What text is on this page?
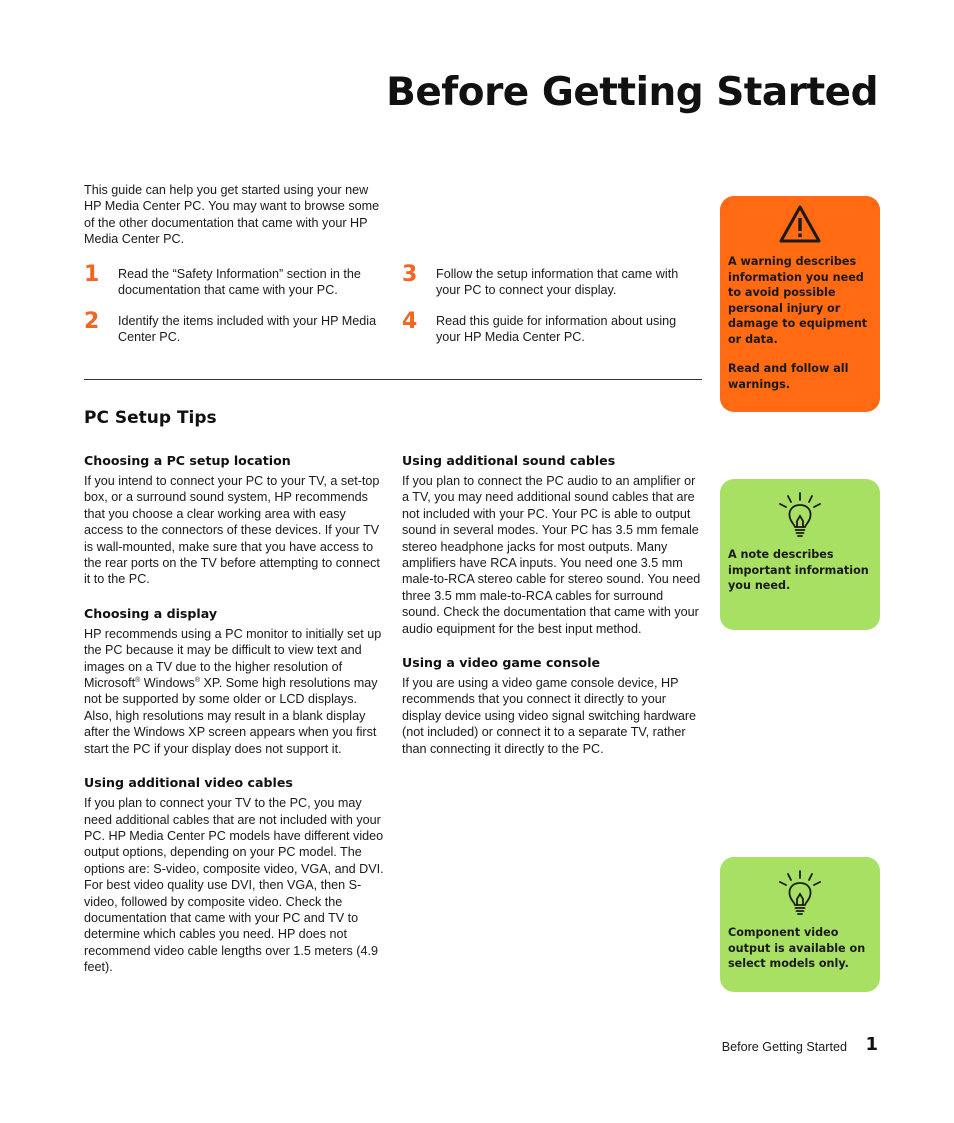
Before Getting Started

This guide can help you get started using your new HP Media Center PC. You may want to browse some of the other documentation that came with your HP Media Center PC.

1 Read the “Safety Information” section in the documentation that came with your PC.

2 Identify the items included with your HP Media Center PC.

3 Follow the setup information that came with your PC to connect your display.

4 Read this guide for information about using your HP Media Center PC.

PC Setup Tips
Choosing a PC setup location

If you intend to connect your PC to your TV, a set-top box, or a surround sound system, HP recommends that you choose a clear working area with easy access to the connectors of these devices. If your TV is wall-mounted, make sure that you have access to the rear ports on the TV before attempting to connect it to the PC.

Choosing a display

HP recommends using a PC monitor to initially set up the PC because it may be difficult to view text and images on a TV due to the higher resolution of Microsoft® Windows® XP. Some high resolutions may not be supported by some older or LCD displays. Also, high resolutions may result in a blank display after the Windows XP screen appears when you first start the PC if your display does not support it.

Using additional video cables

If you plan to connect your TV to the PC, you may need additional cables that are not included with your PC. HP Media Center PC models have different video output options, depending on your PC model. The options are: S-video, composite video, VGA, and DVI. For best video quality use DVI, then VGA, then S-video, followed by composite video. Check the documentation that came with your PC and TV to determine which cables you need. HP does not recommend video cable lengths over 1.5 meters (4.9 feet).

Using additional sound cables

If you plan to connect the PC audio to an amplifier or a TV, you may need additional sound cables that are not included with your PC. Your PC is able to output sound in several modes. Your PC has 3.5 mm female stereo headphone jacks for most outputs. Many amplifiers have RCA inputs. You need one 3.5 mm male-to-RCA stereo cable for stereo sound. You need three 3.5 mm male-to-RCA cables for surround sound. Check the documentation that came with your audio equipment for the best input method.

Using a video game console

If you are using a video game console device, HP recommends that you connect it directly to your display device using video signal switching hardware (not included) or connect it to a separate TV, rather than connecting it directly to the PC.

A warning describes information you need to avoid possible personal injury or damage to equipment or data.

Read and follow all warnings.

A note describes important information you need.

Component video output is available on select models only.

Before Getting Started 1
